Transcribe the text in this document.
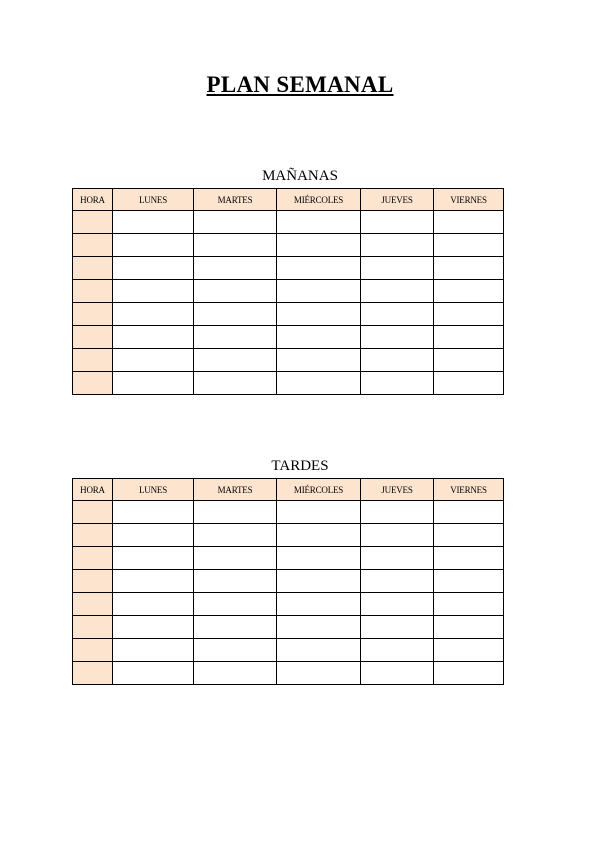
PLAN SEMANAL
MAÑANAS
HORA	LUNES	MARTES	MIÉRCOLES	JUEVES	VIERNES

TARDES
HORA	LUNES	MARTES	MIÉRCOLES	JUEVES	VIERNES
